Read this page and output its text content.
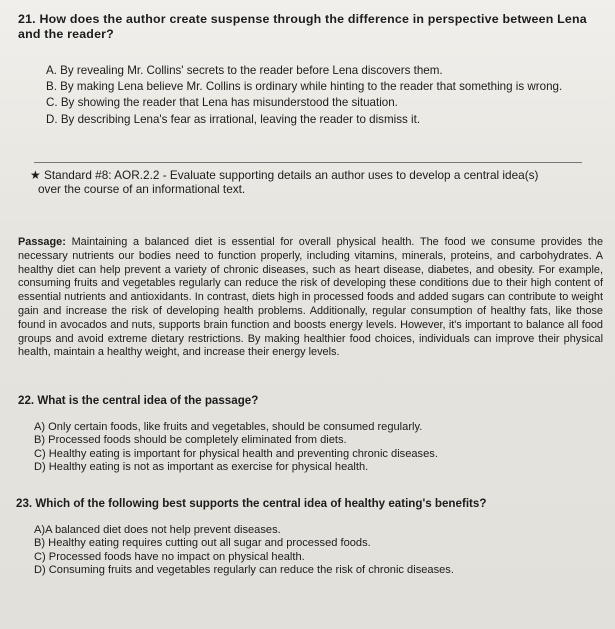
21. How does the author create suspense through the difference in perspective between Lena and the reader?
A. By revealing Mr. Collins' secrets to the reader before Lena discovers them.
B. By making Lena believe Mr. Collins is ordinary while hinting to the reader that something is wrong.
C. By showing the reader that Lena has misunderstood the situation.
D. By describing Lena's fear as irrational, leaving the reader to dismiss it.
★ Standard #8: AOR.2.2 - Evaluate supporting details an author uses to develop a central idea(s)
over the course of an informational text.
Passage: Maintaining a balanced diet is essential for overall physical health. The food we consume provides the necessary nutrients our bodies need to function properly, including vitamins, minerals, proteins, and carbohydrates. A healthy diet can help prevent a variety of chronic diseases, such as heart disease, diabetes, and obesity. For example, consuming fruits and vegetables regularly can reduce the risk of developing these conditions due to their high content of essential nutrients and antioxidants. In contrast, diets high in processed foods and added sugars can contribute to weight gain and increase the risk of developing health problems. Additionally, regular consumption of healthy fats, like those found in avocados and nuts, supports brain function and boosts energy levels. However, it's important to balance all food groups and avoid extreme dietary restrictions. By making healthier food choices, individuals can improve their physical health, maintain a healthy weight, and increase their energy levels.
22. What is the central idea of the passage?
A) Only certain foods, like fruits and vegetables, should be consumed regularly.
B) Processed foods should be completely eliminated from diets.
C) Healthy eating is important for physical health and preventing chronic diseases.
D) Healthy eating is not as important as exercise for physical health.
23. Which of the following best supports the central idea of healthy eating's benefits?
A)A balanced diet does not help prevent diseases.
B) Healthy eating requires cutting out all sugar and processed foods.
C) Processed foods have no impact on physical health.
D) Consuming fruits and vegetables regularly can reduce the risk of chronic diseases.
